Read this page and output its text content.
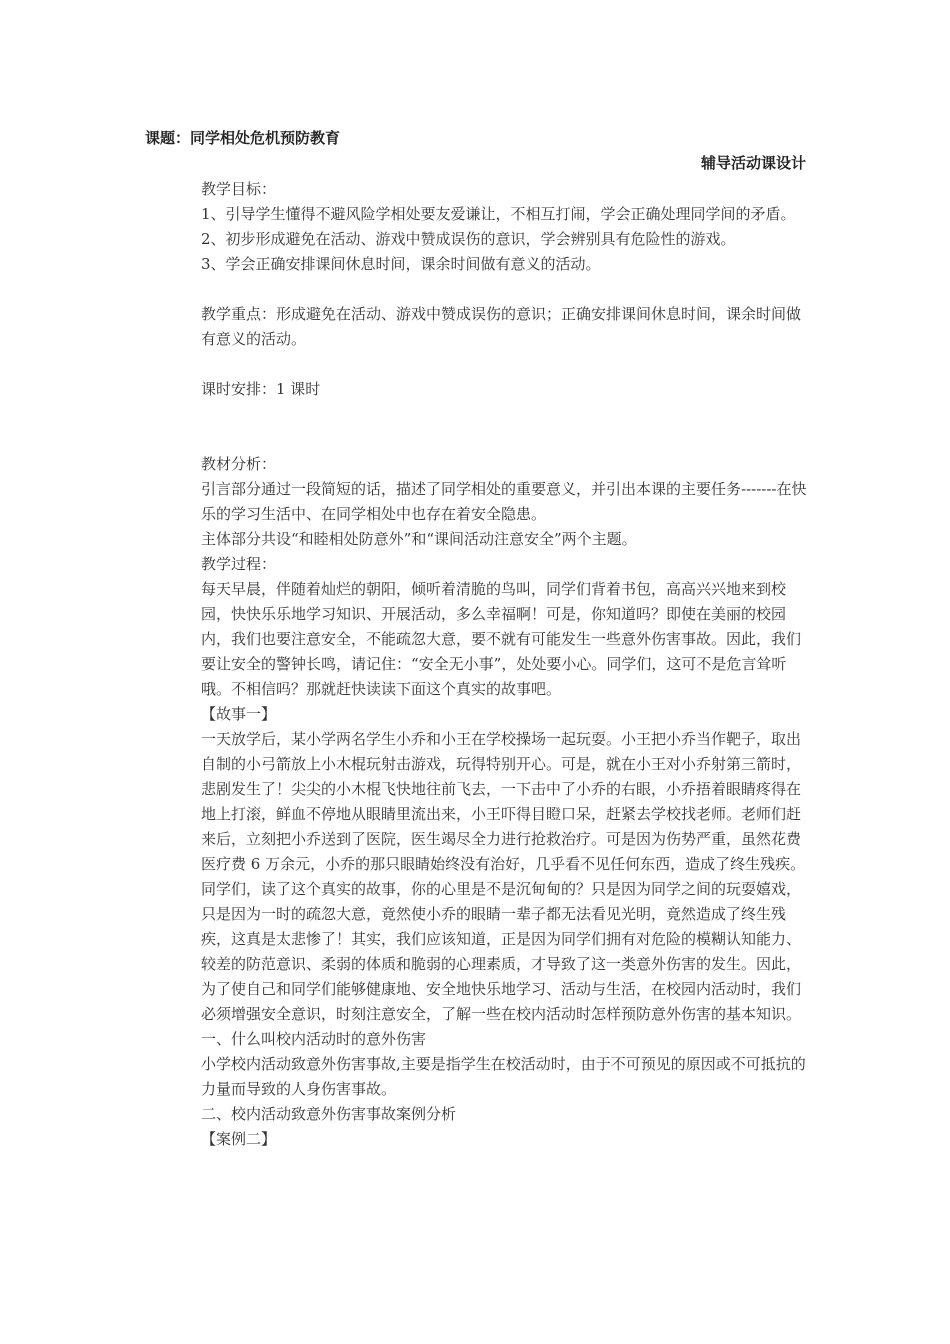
课题：同学相处危机预防教育
辅导活动课设计

教学目标：

1、引导学生懂得不避风险学相处要友爱谦让，不相互打闹，学会正确处理同学间的矛盾。

2、初步形成避免在活动、游戏中赞成误伤的意识，学会辨别具有危险性的游戏。

3、学会正确安排课间休息时间，课余时间做有意义的活动。

教学重点：形成避免在活动、游戏中赞成误伤的意识；正确安排课间休息时间，课余时间做有意义的活动。

课时安排：1 课时

教材分析：

引言部分通过一段简短的话，描述了同学相处的重要意义，并引出本课的主要任务-------在快乐的学习生活中、在同学相处中也存在着安全隐患。

主体部分共设“和睦相处防意外”和“课间活动注意安全”两个主题。

教学过程：

每天早晨，伴随着灿烂的朝阳，倾听着清脆的鸟叫，同学们背着书包，高高兴兴地来到校园，快快乐乐地学习知识、开展活动，多么幸福啊！可是，你知道吗？即使在美丽的校园内，我们也要注意安全，不能疏忽大意，要不就有可能发生一些意外伤害事故。因此，我们要让安全的警钟长鸣，请记住：“安全无小事”，处处要小心。同学们，这可不是危言耸听哦。不相信吗？那就赶快读读下面这个真实的故事吧。

【故事一】

一天放学后，某小学两名学生小乔和小王在学校操场一起玩耍。小王把小乔当作靶子，取出自制的小弓箭放上小木棍玩射击游戏，玩得特别开心。可是，就在小王对小乔射第三箭时，悲剧发生了！尖尖的小木棍飞快地往前飞去，一下击中了小乔的右眼，小乔捂着眼睛疼得在地上打滚，鲜血不停地从眼睛里流出来，小王吓得目瞪口呆，赶紧去学校找老师。老师们赶来后，立刻把小乔送到了医院，医生竭尽全力进行抢救治疗。可是因为伤势严重，虽然花费医疗费 6 万余元，小乔的那只眼睛始终没有治好，几乎看不见任何东西，造成了终生残疾。

同学们，读了这个真实的故事，你的心里是不是沉甸甸的？只是因为同学之间的玩耍嬉戏，只是因为一时的疏忽大意，竟然使小乔的眼睛一辈子都无法看见光明，竟然造成了终生残疾，这真是太悲惨了！其实，我们应该知道，正是因为同学们拥有对危险的模糊认知能力、较差的防范意识、柔弱的体质和脆弱的心理素质，才导致了这一类意外伤害的发生。因此，为了使自己和同学们能够健康地、安全地快乐地学习、活动与生活，在校园内活动时，我们必须增强安全意识，时刻注意安全，了解一些在校内活动时怎样预防意外伤害的基本知识。

一、什么叫校内活动时的意外伤害

小学校内活动致意外伤害事故,主要是指学生在校活动时，由于不可预见的原因或不可抵抗的力量而导致的人身伤害事故。

二、校内活动致意外伤害事故案例分析

【案例二】
